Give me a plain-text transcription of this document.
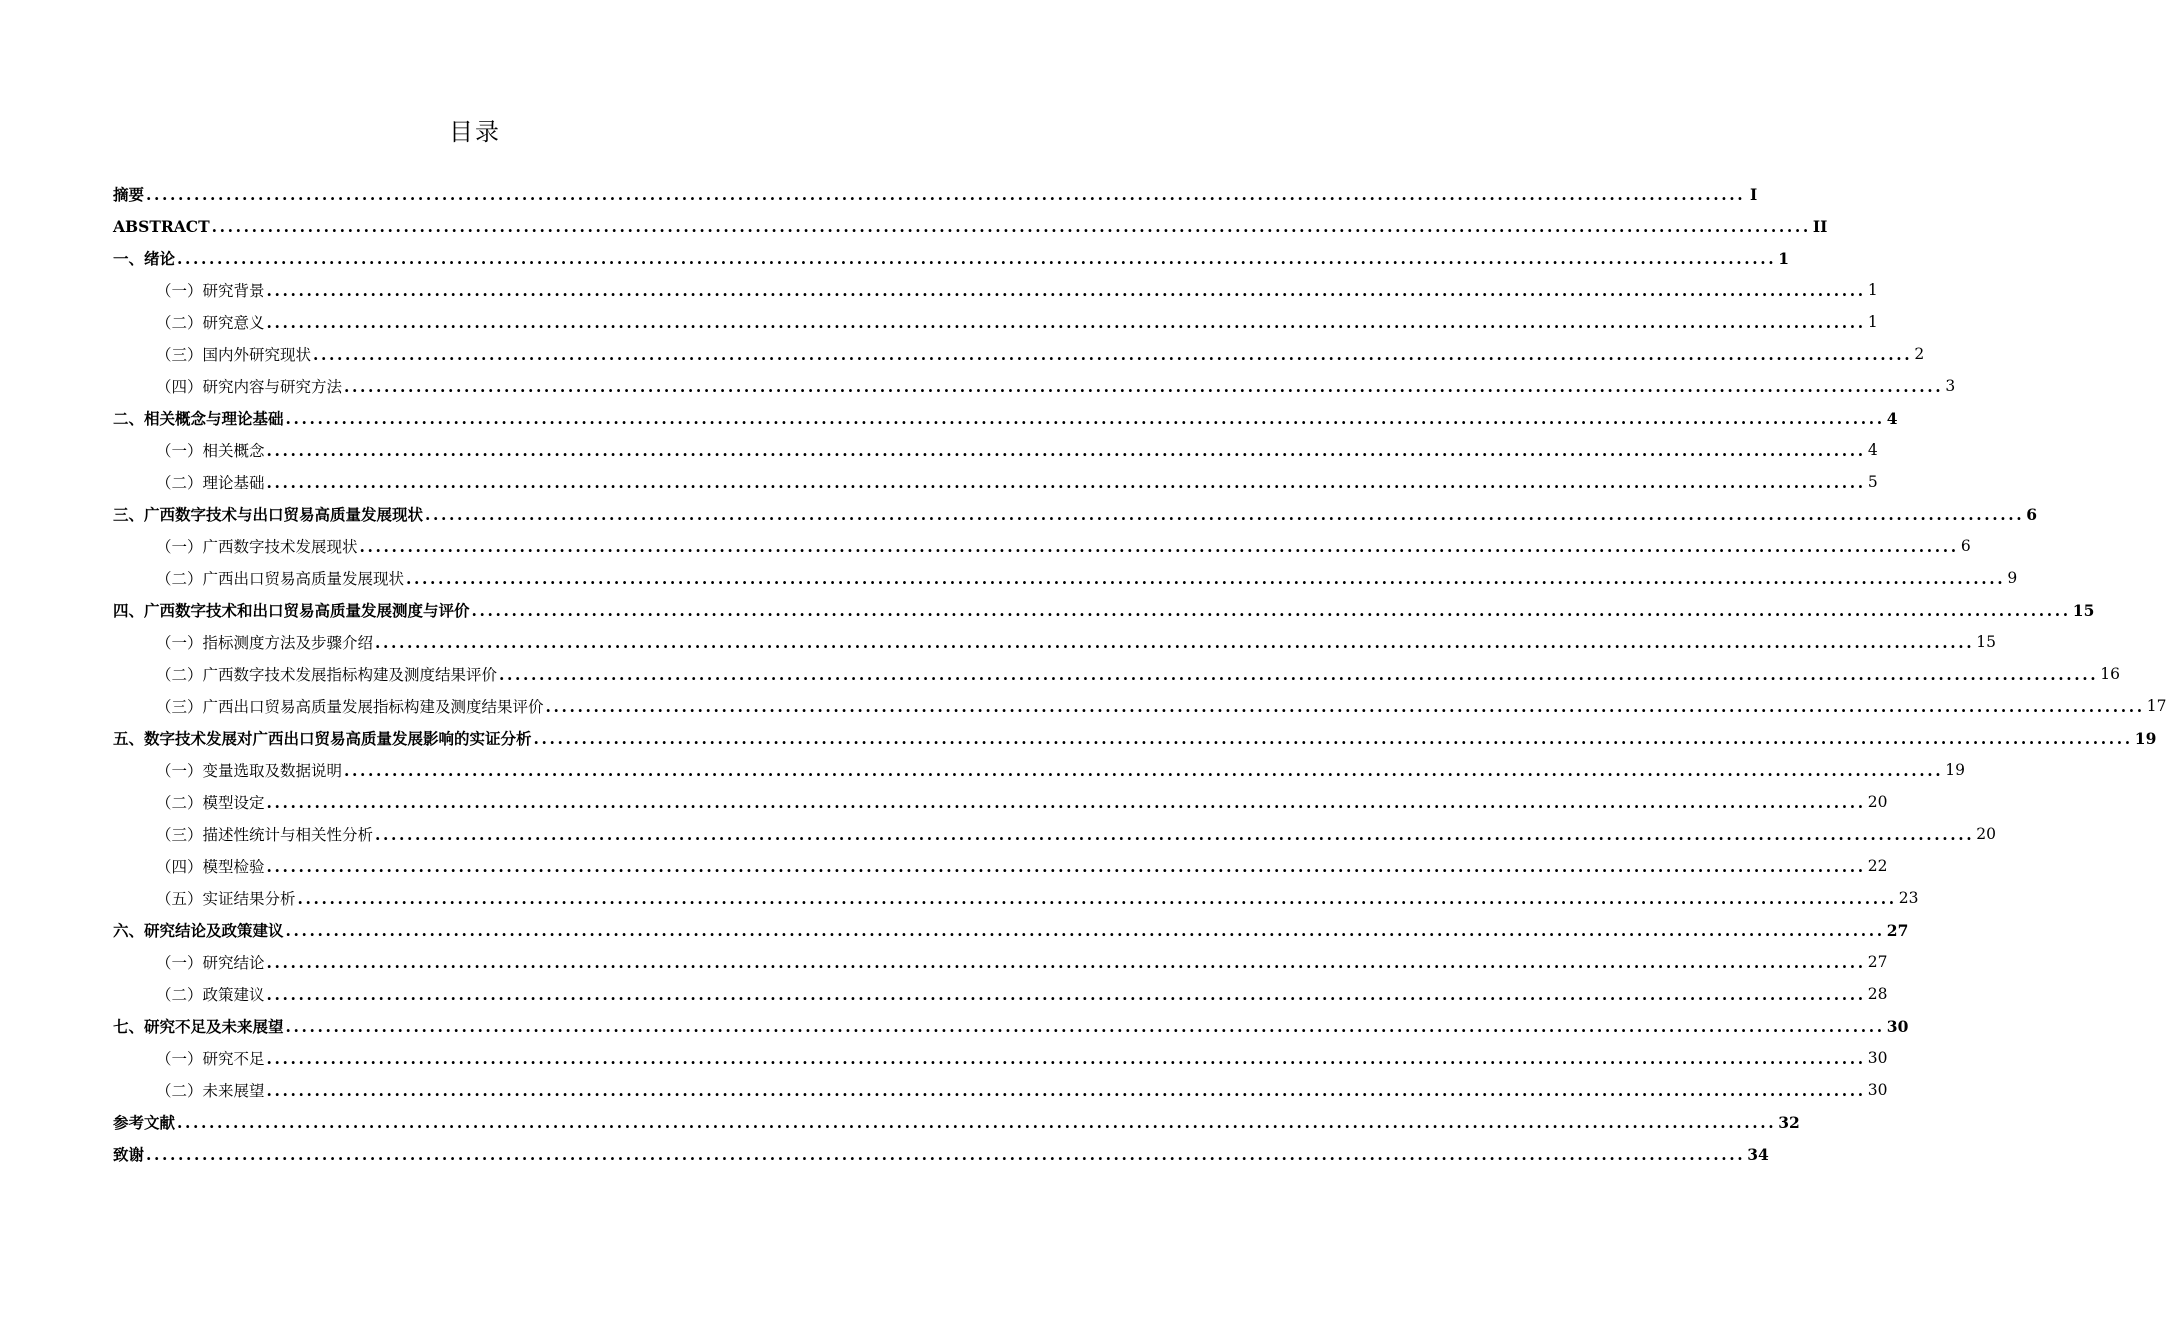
目录
摘要 ........................................................................................................................................................................................................ I
ABSTRACT ........................................................................................................................................................................................................ II
一、 绪论 ........................................................................................................................................................................................................ 1
（一） 研究背景 ........................................................................................................................................................................................................ 1
（二） 研究意义 ........................................................................................................................................................................................................ 1
（三） 国内外研究现状 ........................................................................................................................................................................................................ 2
（四） 研究内容与研究方法 ........................................................................................................................................................................................................ 3
二、 相关概念与理论基础 ........................................................................................................................................................................................................ 4
（一） 相关概念 ........................................................................................................................................................................................................ 4
（二） 理论基础 ........................................................................................................................................................................................................ 5
三、 广西数字技术与出口贸易高质量发展现状 ........................................................................................................................................................................................................ 6
（一） 广西数字技术发展现状 ........................................................................................................................................................................................................ 6
（二） 广西出口贸易高质量发展现状 ........................................................................................................................................................................................................ 9
四、 广西数字技术和出口贸易高质量发展测度与评价 ........................................................................................................................................................................................................ 15
（一） 指标测度方法及步骤介绍 ........................................................................................................................................................................................................ 15
（二） 广西数字技术发展指标构建及测度结果评价 ........................................................................................................................................................................................................ 16
（三） 广西出口贸易高质量发展指标构建及测度结果评价 ........................................................................................................................................................................................................ 17
五、 数字技术发展对广西出口贸易高质量发展影响的实证分析 ........................................................................................................................................................................................................ 19
（一） 变量选取及数据说明 ........................................................................................................................................................................................................ 19
（二） 模型设定 ........................................................................................................................................................................................................ 20
（三） 描述性统计与相关性分析 ........................................................................................................................................................................................................ 20
（四） 模型检验 ........................................................................................................................................................................................................ 22
（五） 实证结果分析 ........................................................................................................................................................................................................ 23
六、 研究结论及政策建议 ........................................................................................................................................................................................................ 27
（一） 研究结论 ........................................................................................................................................................................................................ 27
（二） 政策建议 ........................................................................................................................................................................................................ 28
七、 研究不足及未来展望 ........................................................................................................................................................................................................ 30
（一） 研究不足 ........................................................................................................................................................................................................ 30
（二） 未来展望 ........................................................................................................................................................................................................ 30
参考文献 ........................................................................................................................................................................................................ 32
致谢 ........................................................................................................................................................................................................ 34
